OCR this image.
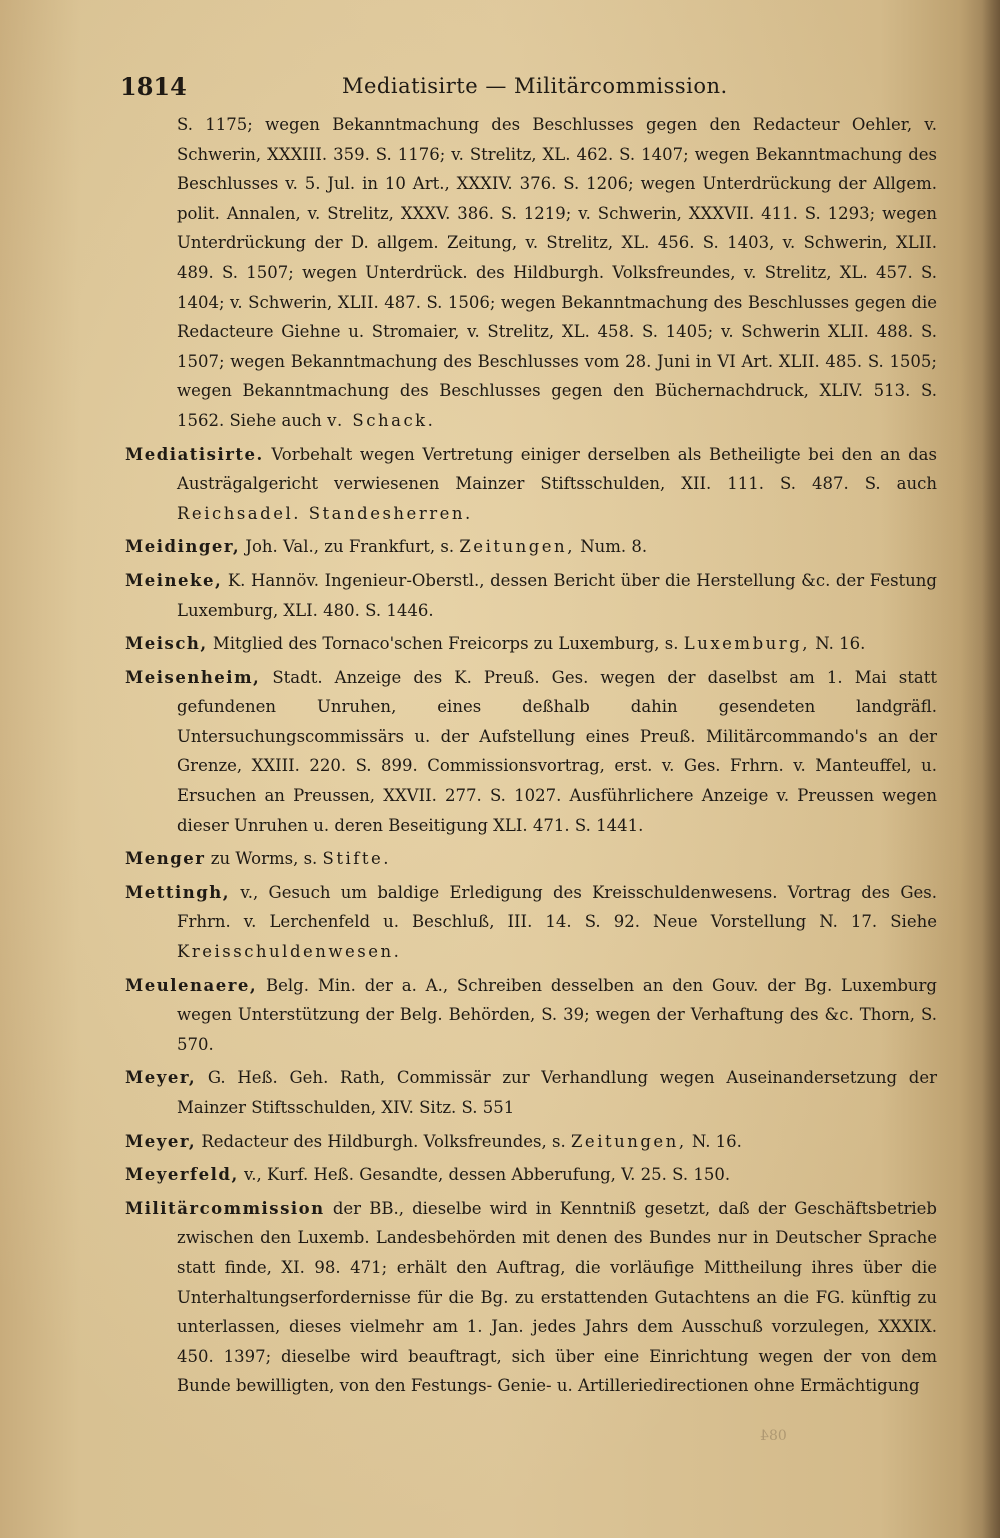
1814	Mediatisirte — Militärcommission.

S. 1175; wegen Bekanntmachung des Beschlusses gegen den Redacteur Oehler, v. Schwerin, XXXIII. 359. S. 1176; v. Strelitz, XL. 462. S. 1407; wegen Bekanntmachung des Beschlusses v. 5. Jul. in 10 Art., XXXIV. 376. S. 1206; wegen Unterdrückung der Allgem. polit. Annalen, v. Strelitz, XXXV. 386. S. 1219; v. Schwerin, XXXVII. 411. S. 1293; wegen Unterdrückung der D. allgem. Zeitung, v. Strelitz, XL. 456. S. 1403, v. Schwerin, XLII. 489. S. 1507; wegen Unterdrück. des Hildburgh. Volksfreundes, v. Strelitz, XL. 457. S. 1404; v. Schwerin, XLII. 487. S. 1506; wegen Bekanntmachung des Beschlusses gegen die Redacteure Giehne u. Stromaier, v. Strelitz, XL. 458. S. 1405; v. Schwerin XLII. 488. S. 1507; wegen Bekanntmachung des Beschlusses vom 28. Juni in VI Art. XLII. 485. S. 1505; wegen Bekanntmachung des Beschlusses gegen den Büchernachdruck, XLIV. 513. S. 1562. Siehe auch v. Schack.

Mediatisirte. Vorbehalt wegen Vertretung einiger derselben als Betheiligte bei den an das Austrägalgericht verwiesenen Mainzer Stiftsschulden, XII. 111. S. 487. S. auch Reichsadel. Standesherren.

Meidinger, Joh. Val., zu Frankfurt, s. Zeitungen, Num. 8.

Meineke, K. Hannöv. Ingenieur-Oberstl., dessen Bericht über die Herstellung &c. der Festung Luxemburg, XLI. 480. S. 1446.

Meisch, Mitglied des Tornaco'schen Freicorps zu Luxemburg, s. Luxemburg, N. 16.

Meisenheim, Stadt. Anzeige des K. Preuß. Ges. wegen der daselbst am 1. Mai statt gefundenen Unruhen, eines deßhalb dahin gesendeten landgräfl. Untersuchungscommissärs u. der Aufstellung eines Preuß. Militärcommando's an der Grenze, XXIII. 220. S. 899. Commissionsvortrag, erst. v. Ges. Frhrn. v. Manteuffel, u. Ersuchen an Preussen, XXVII. 277. S. 1027. Ausführlichere Anzeige v. Preussen wegen dieser Unruhen u. deren Beseitigung XLI. 471. S. 1441.

Menger zu Worms, s. Stifte.

Mettingh, v., Gesuch um baldige Erledigung des Kreisschuldenwesens. Vortrag des Ges. Frhrn. v. Lerchenfeld u. Beschluß, III. 14. S. 92. Neue Vorstellung N. 17. Siehe Kreisschuldenwesen.

Meulenaere, Belg. Min. der a. A., Schreiben desselben an den Gouv. der Bg. Luxemburg wegen Unterstützung der Belg. Behörden, S. 39; wegen der Verhaftung des &c. Thorn, S. 570.

Meyer, G. Heß. Geh. Rath, Commissär zur Verhandlung wegen Auseinandersetzung der Mainzer Stiftsschulden, XIV. Sitz. S. 551

Meyer, Redacteur des Hildburgh. Volksfreundes, s. Zeitungen, N. 16.

Meyerfeld, v., Kurf. Heß. Gesandte, dessen Abberufung, V. 25. S. 150.

Militärcommission der BB., dieselbe wird in Kenntniß gesetzt, daß der Geschäftsbetrieb zwischen den Luxemb. Landesbehörden mit denen des Bundes nur in Deutscher Sprache statt finde, XI. 98. 471; erhält den Auftrag, die vorläufige Mittheilung ihres über die Unterhaltungserfordernisse für die Bg. zu erstattenden Gutachtens an die FG. künftig zu unterlassen, dieses vielmehr am 1. Jan. jedes Jahrs dem Ausschuß vorzulegen, XXXIX. 450. 1397; dieselbe wird beauftragt, sich über eine Einrichtung wegen der von dem Bunde bewilligten, von den Festungs- Genie- u. Artilleriedirectionen ohne Ermächtigung

084
